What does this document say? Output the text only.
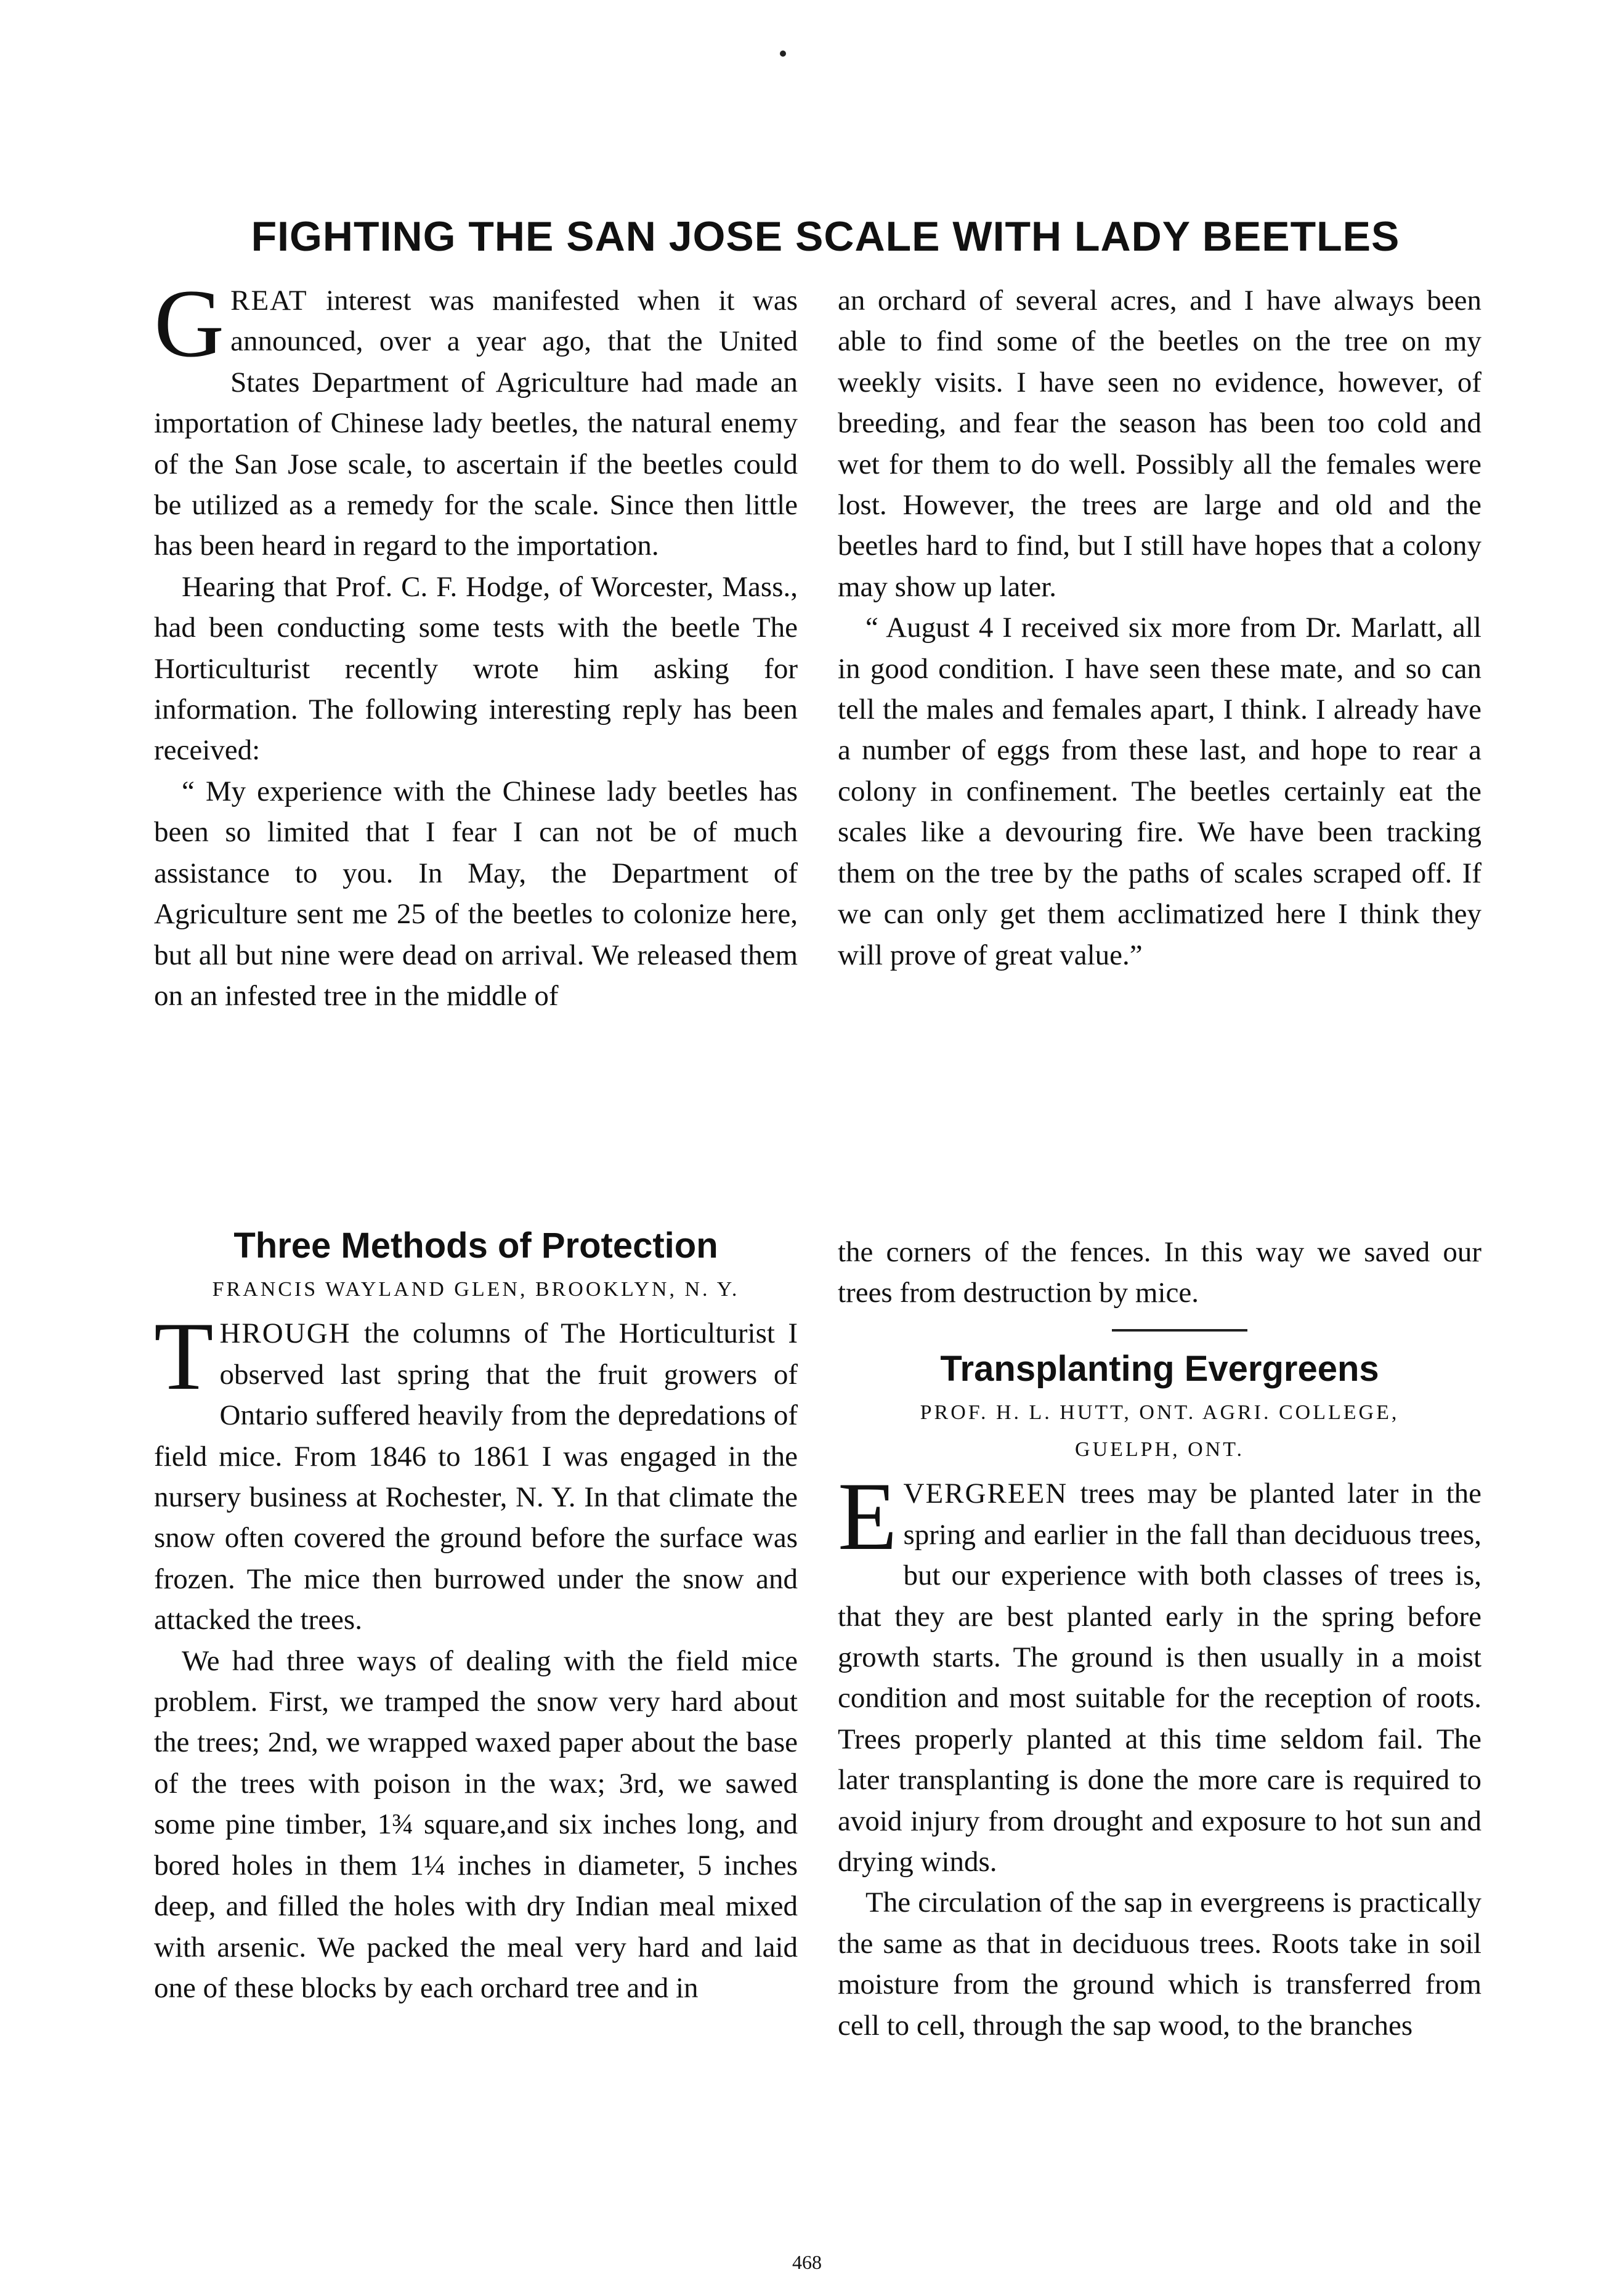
FIGHTING THE SAN JOSE SCALE WITH LADY BEETLES

GREAT interest was manifested when it was announced, over a year ago, that the United States Department of Agriculture had made an importation of Chinese lady beetles, the natural enemy of the San Jose scale, to ascertain if the beetles could be utilized as a remedy for the scale. Since then little has been heard in regard to the importation.

Hearing that Prof. C. F. Hodge, of Worcester, Mass., had been conducting some tests with the beetle The Horticulturist recently wrote him asking for information. The following interesting reply has been received:

“ My experience with the Chinese lady beetles has been so limited that I fear I can not be of much assistance to you. In May, the Department of Agriculture sent me 25 of the beetles to colonize here, but all but nine were dead on arrival. We released them on an infested tree in the middle of

an orchard of several acres, and I have always been able to find some of the beetles on the tree on my weekly visits. I have seen no evidence, however, of breeding, and fear the season has been too cold and wet for them to do well. Possibly all the females were lost. However, the trees are large and old and the beetles hard to find, but I still have hopes that a colony may show up later.

“ August 4 I received six more from Dr. Marlatt, all in good condition. I have seen these mate, and so can tell the males and females apart, I think. I already have a number of eggs from these last, and hope to rear a colony in confinement. The beetles certainly eat the scales like a devouring fire. We have been tracking them on the tree by the paths of scales scraped off. If we can only get them acclimatized here I think they will prove of great value.”

Three Methods of Protection

FRANCIS WAYLAND GLEN, BROOKLYN, N. Y.

THROUGH the columns of The Horticulturist I observed last spring that the fruit growers of Ontario suffered heavily from the depredations of field mice. From 1846 to 1861 I was engaged in the nursery business at Rochester, N. Y. In that climate the snow often covered the ground before the surface was frozen. The mice then burrowed under the snow and attacked the trees.

We had three ways of dealing with the field mice problem. First, we tramped the snow very hard about the trees; 2nd, we wrapped waxed paper about the base of the trees with poison in the wax; 3rd, we sawed some pine timber, 1¾ square,and six inches long, and bored holes in them 1¼ inches in diameter, 5 inches deep, and filled the holes with dry Indian meal mixed with arsenic. We packed the meal very hard and laid one of these blocks by each orchard tree and in

the corners of the fences. In this way we saved our trees from destruction by mice.

Transplanting Evergreens

PROF. H. L. HUTT, ONT. AGRI. COLLEGE,
GUELPH, ONT.

EVERGREEN trees may be planted later in the spring and earlier in the fall than deciduous trees, but our experience with both classes of trees is, that they are best planted early in the spring before growth starts. The ground is then usually in a moist condition and most suitable for the reception of roots. Trees properly planted at this time seldom fail. The later transplanting is done the more care is required to avoid injury from drought and exposure to hot sun and drying winds.

The circulation of the sap in evergreens is practically the same as that in deciduous trees. Roots take in soil moisture from the ground which is transferred from cell to cell, through the sap wood, to the branches

468
